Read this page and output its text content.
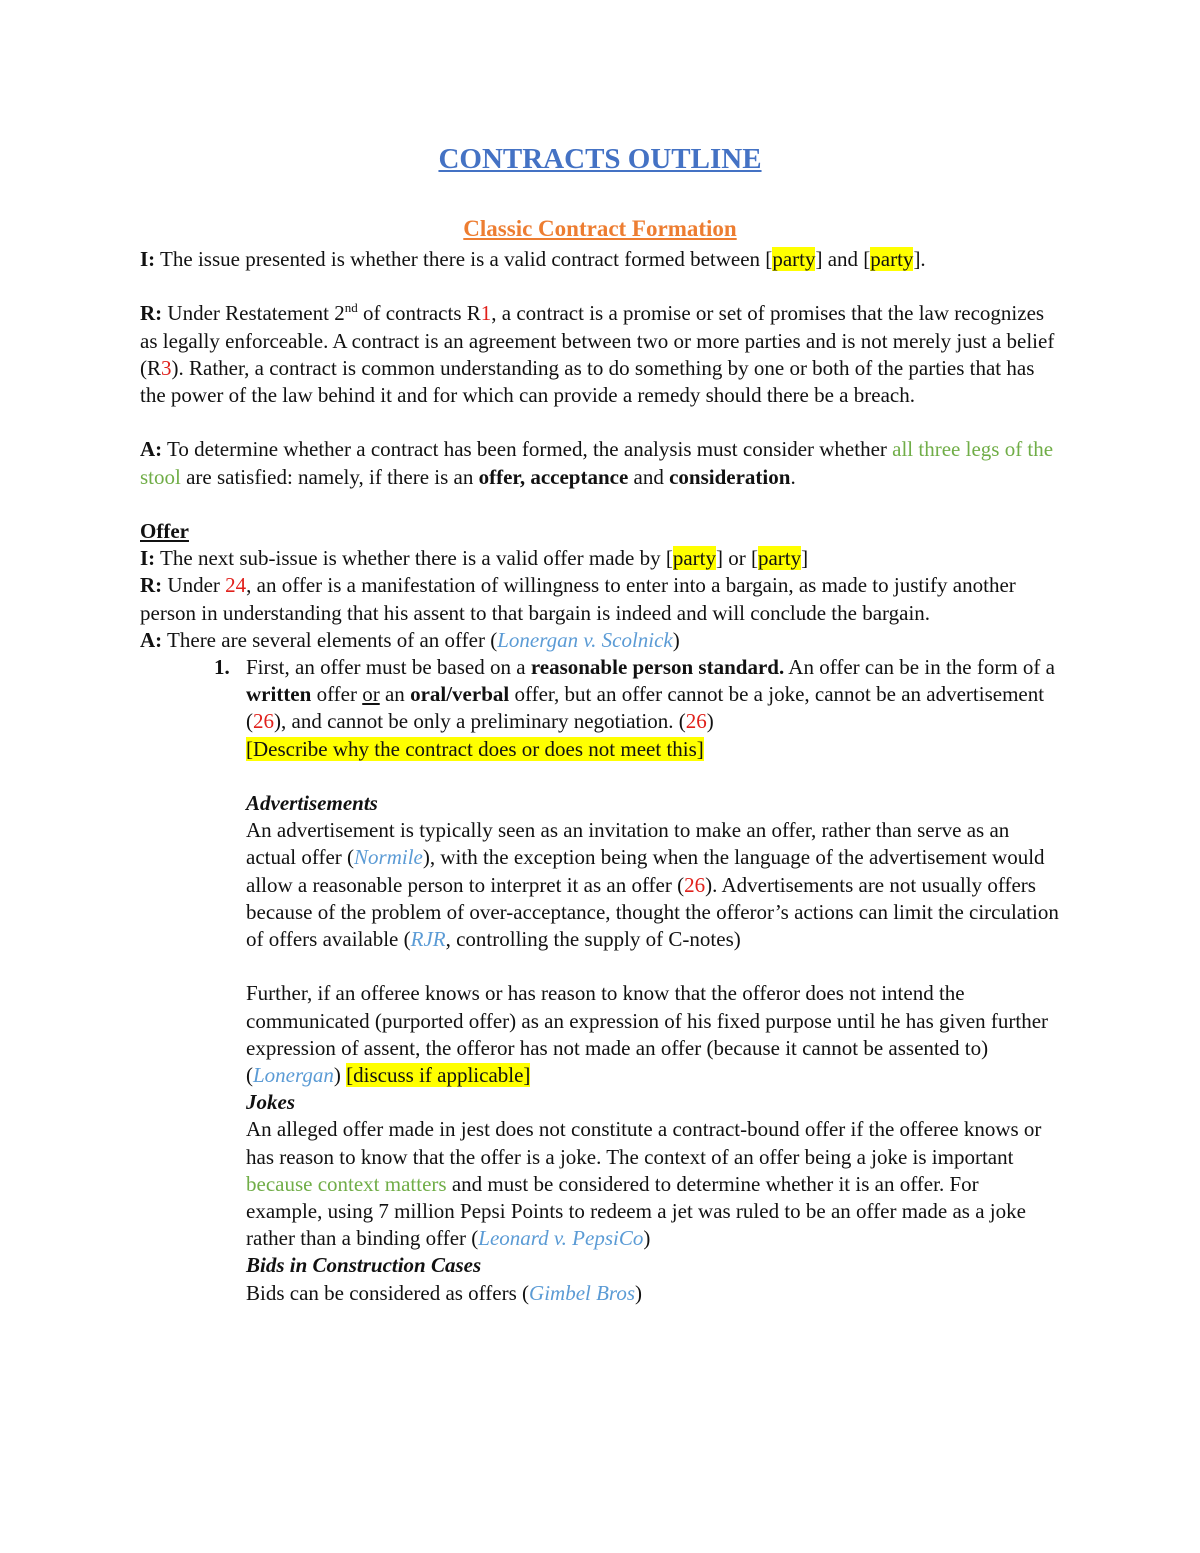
CONTRACTS OUTLINE
Classic Contract Formation

I: The issue presented is whether there is a valid contract formed between [party] and [party].

R: Under Restatement 2nd of contracts R1, a contract is a promise or set of promises that the law recognizes as legally enforceable. A contract is an agreement between two or more parties and is not merely just a belief (R3). Rather, a contract is common understanding as to do something by one or both of the parties that has the power of the law behind it and for which can provide a remedy should there be a breach.

A: To determine whether a contract has been formed, the analysis must consider whether all three legs of the stool are satisfied: namely, if there is an offer, acceptance and consideration.

Offer

I: The next sub-issue is whether there is a valid offer made by [party] or [party]

R: Under 24, an offer is a manifestation of willingness to enter into a bargain, as made to justify another person in understanding that his assent to that bargain is indeed and will conclude the bargain.

A: There are several elements of an offer (Lonergan v. Scolnick)

1. First, an offer must be based on a reasonable person standard. An offer can be in the form of a written offer or an oral/verbal offer, but an offer cannot be a joke, cannot be an advertisement (26), and cannot be only a preliminary negotiation. (26)

[Describe why the contract does or does not meet this]

Advertisements

An advertisement is typically seen as an invitation to make an offer, rather than serve as an actual offer (Normile), with the exception being when the language of the advertisement would allow a reasonable person to interpret it as an offer (26). Advertisements are not usually offers because of the problem of over-acceptance, thought the offeror’s actions can limit the circulation of offers available (RJR, controlling the supply of C-notes)

Further, if an offeree knows or has reason to know that the offeror does not intend the communicated (purported offer) as an expression of his fixed purpose until he has given further expression of assent, the offeror has not made an offer (because it cannot be assented to) (Lonergan) [discuss if applicable]

Jokes

An alleged offer made in jest does not constitute a contract-bound offer if the offeree knows or has reason to know that the offer is a joke. The context of an offer being a joke is important because context matters and must be considered to determine whether it is an offer. For example, using 7 million Pepsi Points to redeem a jet was ruled to be an offer made as a joke rather than a binding offer (Leonard v. PepsiCo)

Bids in Construction Cases

Bids can be considered as offers (Gimbel Bros)
